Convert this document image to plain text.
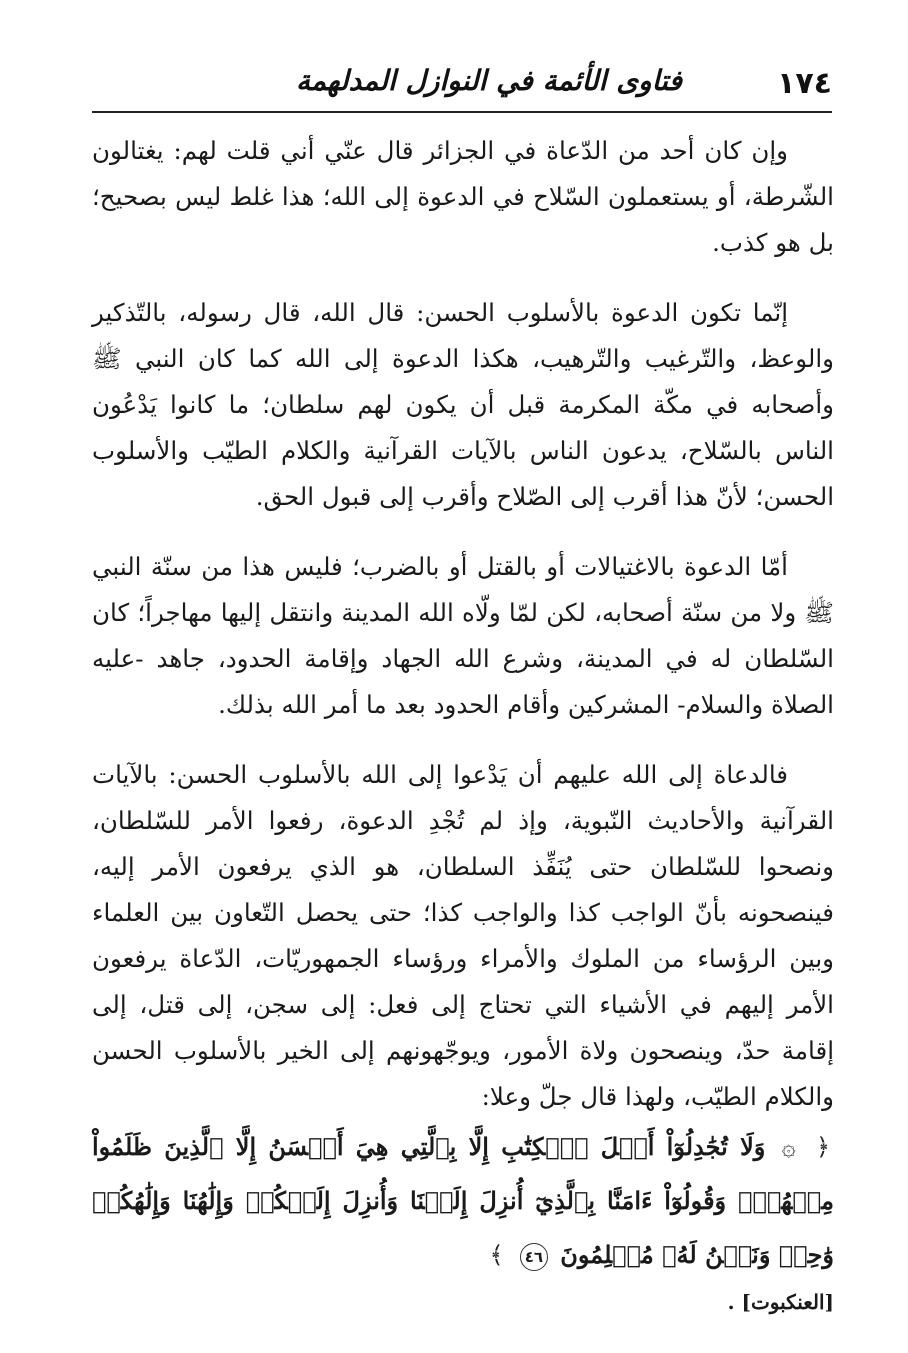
١٧٤
فتاوى الأئمة في النوازل المدلهمة

وإن كان أحد من الدّعاة في الجزائر قال عنّي أني قلت لهم: يغتالون الشّرطة، أو يستعملون السّلاح في الدعوة إلى الله؛ هذا غلط ليس بصحيح؛ بل هو كذب.

إنّما تكون الدعوة بالأسلوب الحسن: قال الله، قال رسوله، بالتّذكير والوعظ، والتّرغيب والتّرهيب، هكذا الدعوة إلى الله كما كان النبي ﷺ وأصحابه في مكّة المكرمة قبل أن يكون لهم سلطان؛ ما كانوا يَدْعُون الناس بالسّلاح، يدعون الناس بالآيات القرآنية والكلام الطيّب والأسلوب الحسن؛ لأنّ هذا أقرب إلى الصّلاح وأقرب إلى قبول الحق.

أمّا الدعوة بالاغتيالات أو بالقتل أو بالضرب؛ فليس هذا من سنّة النبي ﷺ ولا من سنّة أصحابه، لكن لمّا ولّاه الله المدينة وانتقل إليها مهاجراً؛ كان السّلطان له في المدينة، وشرع الله الجهاد وإقامة الحدود، جاهد -عليه الصلاة والسلام- المشركين وأقام الحدود بعد ما أمر الله بذلك.

فالدعاة إلى الله عليهم أن يَدْعوا إلى الله بالأسلوب الحسن: بالآيات القرآنية والأحاديث النّبوية، وإذ لم تُجْدِ الدعوة، رفعوا الأمر للسّلطان، ونصحوا للسّلطان حتى يُنَفِّذ السلطان، هو الذي يرفعون الأمر إليه، فينصحونه بأنّ الواجب كذا والواجب كذا؛ حتى يحصل التّعاون بين العلماء وبين الرؤساء من الملوك والأمراء ورؤساء الجمهوريّات، الدّعاة يرفعون الأمر إليهم في الأشياء التي تحتاج إلى فعل: إلى سجن، إلى قتل، إلى إقامة حدّ، وينصحون ولاة الأمور، ويوجّهونهم إلى الخير بالأسلوب الحسن والكلام الطيّب، ولهذا قال جلّ وعلا:

﴿ ۞ وَلَا تُجَٰدِلُوٓاْ أَهۡلَ ٱلۡكِتَٰبِ إِلَّا بِٱلَّتِي هِيَ أَحۡسَنُ إِلَّا ٱلَّذِينَ ظَلَمُواْ مِنۡهُمۡۖ وَقُولُوٓاْ ءَامَنَّا بِٱلَّذِيٓ أُنزِلَ إِلَيۡنَا وَأُنزِلَ إِلَيۡكُمۡ وَإِلَٰهُنَا وَإِلَٰهُكُمۡ وَٰحِدٞ وَنَحۡنُ لَهُۥ مُسۡلِمُونَ ٤٦ ﴾

[العنكبوت] .
